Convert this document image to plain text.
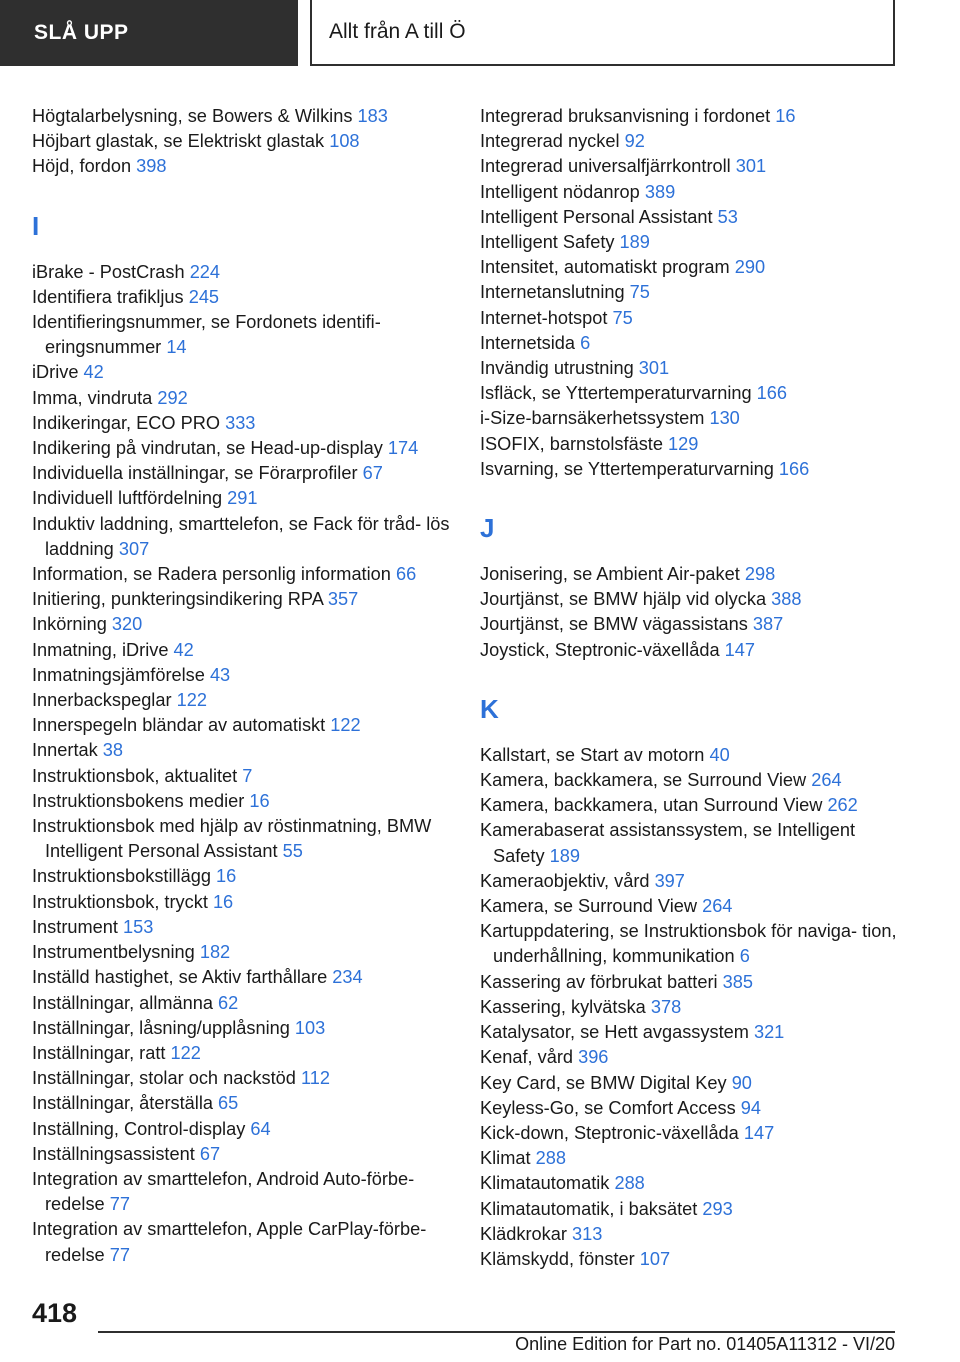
SLÅ UPP	Allt från A till Ö
Högtalarbelysning, se Bowers & Wilkins 183
Höjbart glastak, se Elektriskt glastak 108
Höjd, fordon 398
I
iBrake - PostCrash 224
Identifiera trafikljus 245
Identifieringsnummer, se Fordonets identifi‐ eringsnummer 14
iDrive 42
Imma, vindruta 292
Indikeringar, ECO PRO 333
Indikering på vindrutan, se Head-up-display 174
Individuella inställningar, se Förarprofiler 67
Individuell luftfördelning 291
Induktiv laddning, smarttelefon, se Fack för tråd‐ lös laddning 307
Information, se Radera personlig information 66
Initiering, punkteringsindikering RPA 357
Inkörning 320
Inmatning, iDrive 42
Inmatningsjämförelse 43
Innerbackspeglar 122
Innerspegeln bländar av automatiskt 122
Innertak 38
Instruktionsbok, aktualitet 7
Instruktionsbokens medier 16
Instruktionsbok med hjälp av röstinmatning, BMW Intelligent Personal Assistant 55
Instruktionsbokstillägg 16
Instruktionsbok, tryckt 16
Instrument 153
Instrumentbelysning 182
Inställd hastighet, se Aktiv farthållare 234
Inställningar, allmänna 62
Inställningar, låsning/upplåsning 103
Inställningar, ratt 122
Inställningar, stolar och nackstöd 112
Inställningar, återställa 65
Inställning, Control-display 64
Inställningsassistent 67
Integration av smarttelefon, Android Auto-förbe‐ redelse 77
Integration av smarttelefon, Apple CarPlay-förbe‐ redelse 77
Integrerad bruksanvisning i fordonet 16
Integrerad nyckel 92
Integrerad universalfjärrkontroll 301
Intelligent nödanrop 389
Intelligent Personal Assistant 53
Intelligent Safety 189
Intensitet, automatiskt program 290
Internetanslutning 75
Internet-hotspot 75
Internetsida 6
Invändig utrustning 301
Isfläck, se Yttertemperaturvarning 166
i-Size-barnsäkerhetssystem 130
ISOFIX, barnstolsfäste 129
Isvarning, se Yttertemperaturvarning 166
J
Jonisering, se Ambient Air-paket 298
Jourtjänst, se BMW hjälp vid olycka 388
Jourtjänst, se BMW vägassistans 387
Joystick, Steptronic-växellåda 147
K
Kallstart, se Start av motorn 40
Kamera, backkamera, se Surround View 264
Kamera, backkamera, utan Surround View 262
Kamerabaserat assistanssystem, se Intelligent Safety 189
Kameraobjektiv, vård 397
Kamera, se Surround View 264
Kartuppdatering, se Instruktionsbok för naviga‐ tion, underhållning, kommunikation 6
Kassering av förbrukat batteri 385
Kassering, kylvätska 378
Katalysator, se Hett avgassystem 321
Kenaf, vård 396
Key Card, se BMW Digital Key 90
Keyless-Go, se Comfort Access 94
Kick-down, Steptronic-växellåda 147
Klimat 288
Klimatautomatik 288
Klimatautomatik, i baksätet 293
Klädkrokar 313
Klämskydd, fönster 107
418
Online Edition for Part no. 01405A11312 - VI/20
